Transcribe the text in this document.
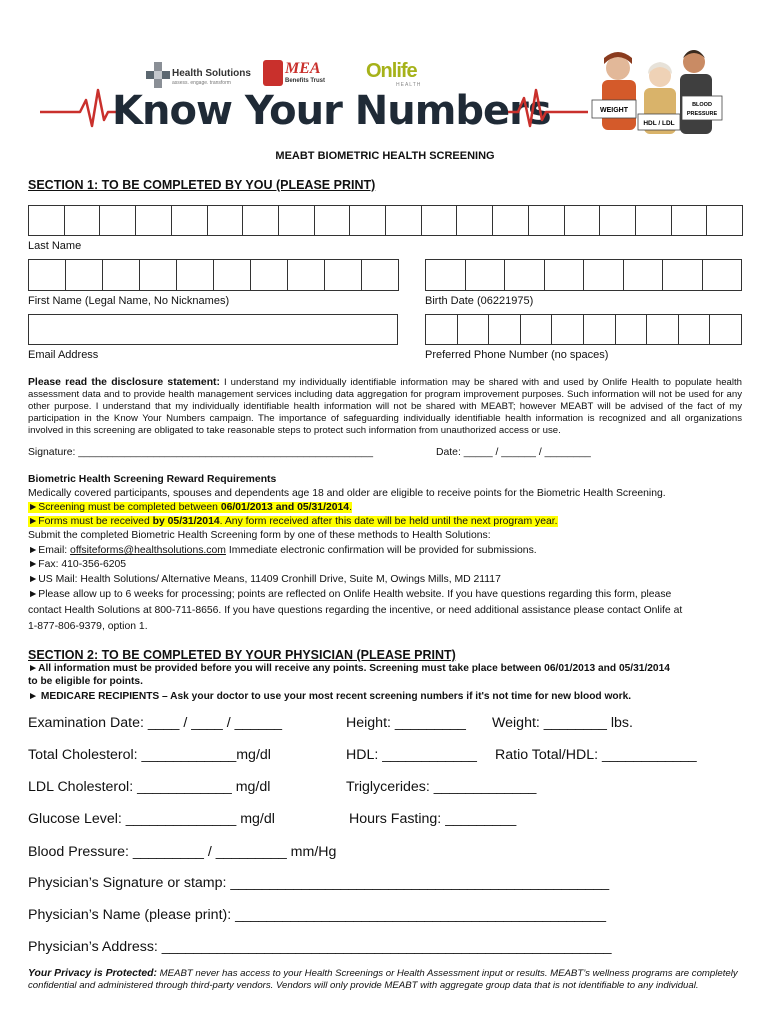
Health Solutions
assess. engage. transform
MEA
Benefits Trust Onlife
HEALTH
Know Your Numbers	WEIGHT
HDL / LDL
BLOOD
PRESSURE
MEABT BIOMETRIC HEALTH SCREENING
SECTION 1: TO BE COMPLETED BY YOU (PLEASE PRINT)
Last Name
First Name (Legal Name, No Nicknames)	Birth Date (06221975)
Email Address	Preferred Phone Number (no spaces)
Please read the disclosure statement: I understand my individually identifiable information may be shared with and used by Onlife Health to populate health assessment data and to provide health management services including data aggregation for program improvement purposes. Such information will not be used for any other purpose. I understand that my individually identifiable health information will not be shared with MEABT; however MEABT will be advised of the fact of my participation in the Know Your Numbers campaign. The importance of safeguarding individually identifiable health information is recognized and all organizations involved in this screening are obligated to take reasonable steps to protect such information from unauthorized access or use.
Signature: ___________________________________________________	Date: _____ / ______ / ________
Biometric Health Screening Reward Requirements
Medically covered participants, spouses and dependents age 18 and older are eligible to receive points for the Biometric Health Screening.
►Screening must be completed between 06/01/2013 and 05/31/2014.
►Forms must be received by 05/31/2014. Any form received after this date will be held until the next program year.
Submit the completed Biometric Health Screening form by one of these methods to Health Solutions:
►Email: offsiteforms@healthsolutions.com Immediate electronic confirmation will be provided for submissions.
►Fax: 410-356-6205
►US Mail: Health Solutions/ Alternative Means, 11409 Cronhill Drive, Suite M, Owings Mills, MD 21117
►Please allow up to 6 weeks for processing; points are reflected on Onlife Health website. If you have questions regarding this form, please
contact Health Solutions at 800-711-8656. If you have questions regarding the incentive, or need additional assistance please contact Onlife at
1-877-806-9379, option 1.
SECTION 2: TO BE COMPLETED BY YOUR PHYSICIAN (PLEASE PRINT)
►All information must be provided before you will receive any points. Screening must take place between 06/01/2013 and 05/31/2014
to be eligible for points.
► MEDICARE RECIPIENTS – Ask your doctor to use your most recent screening numbers if it's not time for new blood work.
Examination Date: ____ / ____ / ______	Height: _________ Weight: ________ lbs.
Total Cholesterol: ____________mg/dl	HDL: ____________ Ratio Total/HDL: ____________
LDL Cholesterol: ____________ mg/dl	Triglycerides: _____________
Glucose Level: ______________ mg/dl	Hours Fasting: _________
Blood Pressure: _________ / _________ mm/Hg
Physician’s Signature or stamp: ________________________________________________
Physician’s Name (please print): _______________________________________________
Physician’s Address: _________________________________________________________
Your Privacy is Protected: MEABT never has access to your Health Screenings or Health Assessment input or results. MEABT’s wellness programs are completely confidential and administered through third-party vendors. Vendors will only provide MEABT with aggregate group data that is not identifiable to any individual.
